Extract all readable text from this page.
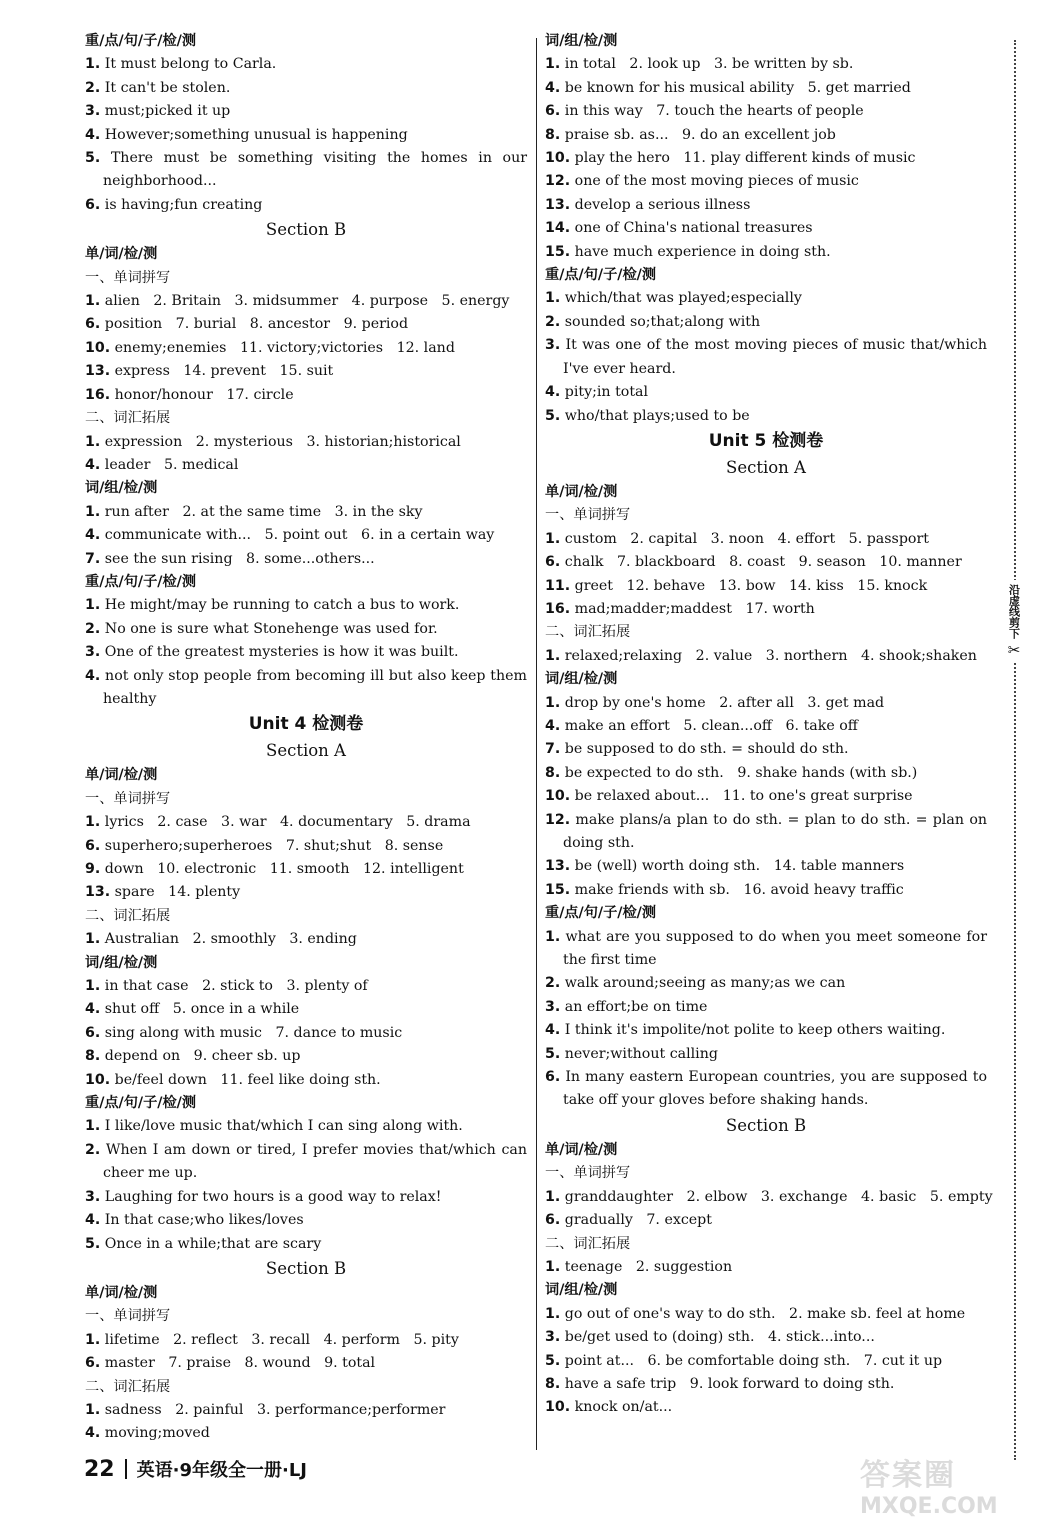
重/点/句/子/检/测
1. It must belong to Carla.
2. It can't be stolen.
3. must;picked it up
4. However;something unusual is happening
5. There must be something visiting the homes in our neighborhood...
6. is having;fun creating
Section B
单/词/检/测
一、单词拼写
1. alien   2. Britain   3. midsummer   4. purpose   5. energy
6. position   7. burial   8. ancestor   9. period
10. enemy;enemies   11. victory;victories   12. land
13. express   14. prevent   15. suit
16. honor/honour   17. circle
二、词汇拓展
1. expression   2. mysterious   3. historian;historical
4. leader   5. medical
词/组/检/测
1. run after   2. at the same time   3. in the sky
4. communicate with...   5. point out   6. in a certain way
7. see the sun rising   8. some...others...
重/点/句/子/检/测
1. He might/may be running to catch a bus to work.
2. No one is sure what Stonehenge was used for.
3. One of the greatest mysteries is how it was built.
4. not only stop people from becoming ill but also keep them healthy
Unit 4 检测卷
Section A
单/词/检/测
一、单词拼写
1. lyrics   2. case   3. war   4. documentary   5. drama
6. superhero;superheroes   7. shut;shut   8. sense
9. down   10. electronic   11. smooth   12. intelligent
13. spare   14. plenty
二、词汇拓展
1. Australian   2. smoothly   3. ending
词/组/检/测
1. in that case   2. stick to   3. plenty of
4. shut off   5. once in a while
6. sing along with music   7. dance to music
8. depend on   9. cheer sb. up
10. be/feel down   11. feel like doing sth.
重/点/句/子/检/测
1. I like/love music that/which I can sing along with.
2. When I am down or tired, I prefer movies that/which can cheer me up.
3. Laughing for two hours is a good way to relax!
4. In that case;who likes/loves
5. Once in a while;that are scary
Section B
单/词/检/测
一、单词拼写
1. lifetime   2. reflect   3. recall   4. perform   5. pity
6. master   7. praise   8. wound   9. total
二、词汇拓展
1. sadness   2. painful   3. performance;performer
4. moving;moved
词/组/检/测
1. in total   2. look up   3. be written by sb.
4. be known for his musical ability   5. get married
6. in this way   7. touch the hearts of people
8. praise sb. as...   9. do an excellent job
10. play the hero   11. play different kinds of music
12. one of the most moving pieces of music
13. develop a serious illness
14. one of China's national treasures
15. have much experience in doing sth.
重/点/句/子/检/测
1. which/that was played;especially
2. sounded so;that;along with
3. It was one of the most moving pieces of music that/which I've ever heard.
4. pity;in total
5. who/that plays;used to be
Unit 5 检测卷
Section A
单/词/检/测
一、单词拼写
1. custom   2. capital   3. noon   4. effort   5. passport
6. chalk   7. blackboard   8. coast   9. season   10. manner
11. greet   12. behave   13. bow   14. kiss   15. knock
16. mad;madder;maddest   17. worth
二、词汇拓展
1. relaxed;relaxing   2. value   3. northern   4. shook;shaken
词/组/检/测
1. drop by one's home   2. after all   3. get mad
4. make an effort   5. clean...off   6. take off
7. be supposed to do sth. = should do sth.
8. be expected to do sth.   9. shake hands (with sb.)
10. be relaxed about...   11. to one's great surprise
12. make plans/a plan to do sth. = plan to do sth. = plan on doing sth.
13. be (well) worth doing sth.   14. table manners
15. make friends with sb.   16. avoid heavy traffic
重/点/句/子/检/测
1. what are you supposed to do when you meet someone for the first time
2. walk around;seeing as many;as we can
3. an effort;be on time
4. I think it's impolite/not polite to keep others waiting.
5. never;without calling
6. In many eastern European countries, you are supposed to take off your gloves before shaking hands.
Section B
单/词/检/测
一、单词拼写
1. granddaughter   2. elbow   3. exchange   4. basic   5. empty
6. gradually   7. except
二、词汇拓展
1. teenage   2. suggestion
词/组/检/测
1. go out of one's way to do sth.   2. make sb. feel at home
3. be/get used to (doing) sth.   4. stick...into...
5. point at...   6. be comfortable doing sth.   7. cut it up
8. have a safe trip   9. look forward to doing sth.
10. knock on/at...
沿虚线剪下
✂
22 英语·9年级全一册·LJ	答案圈
MXQE.COM
